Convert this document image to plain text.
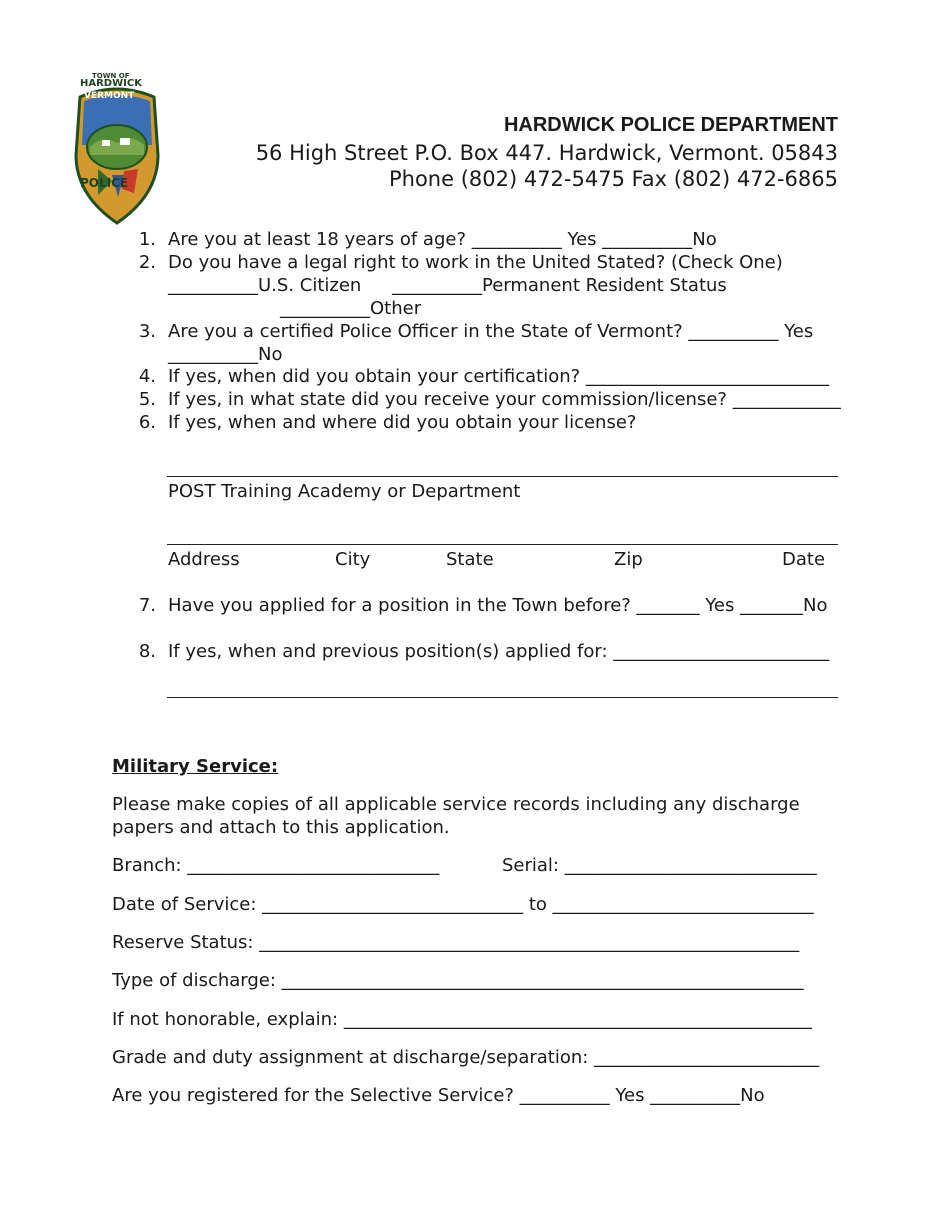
TOWN OF

HARDWICK

VERMONT

POLICE

HARDWICK POLICE DEPARTMENT
56 High Street P.O. Box 447. Hardwick, Vermont. 05843
Phone (802) 472-5475 Fax (802) 472-6865
1. Are you at least 18 years of age? __________ Yes __________No
2. Do you have a legal right to work in the United Stated? (Check One)
__________U.S. Citizen __________Permanent Resident Status
__________Other
3. Are you a certified Police Officer in the State of Vermont? __________ Yes
__________No
4. If yes, when did you obtain your certification? ___________________________
5. If yes, in what state did you receive your commission/license? ____________
6. If yes, when and where did you obtain your license?
POST Training Academy or Department
Address	City	State	Zip	Date
7. Have you applied for a position in the Town before? _______ Yes _______No
8. If yes, when and previous position(s) applied for: ________________________
Military Service:
Please make copies of all applicable service records including any discharge
papers and attach to this application.
Branch: ____________________________	Serial: ____________________________
Date of Service: _____________________________ to _____________________________
Reserve Status: ____________________________________________________________
Type of discharge: __________________________________________________________
If not honorable, explain: ____________________________________________________
Grade and duty assignment at discharge/separation: _________________________
Are you registered for the Selective Service? __________ Yes __________No
